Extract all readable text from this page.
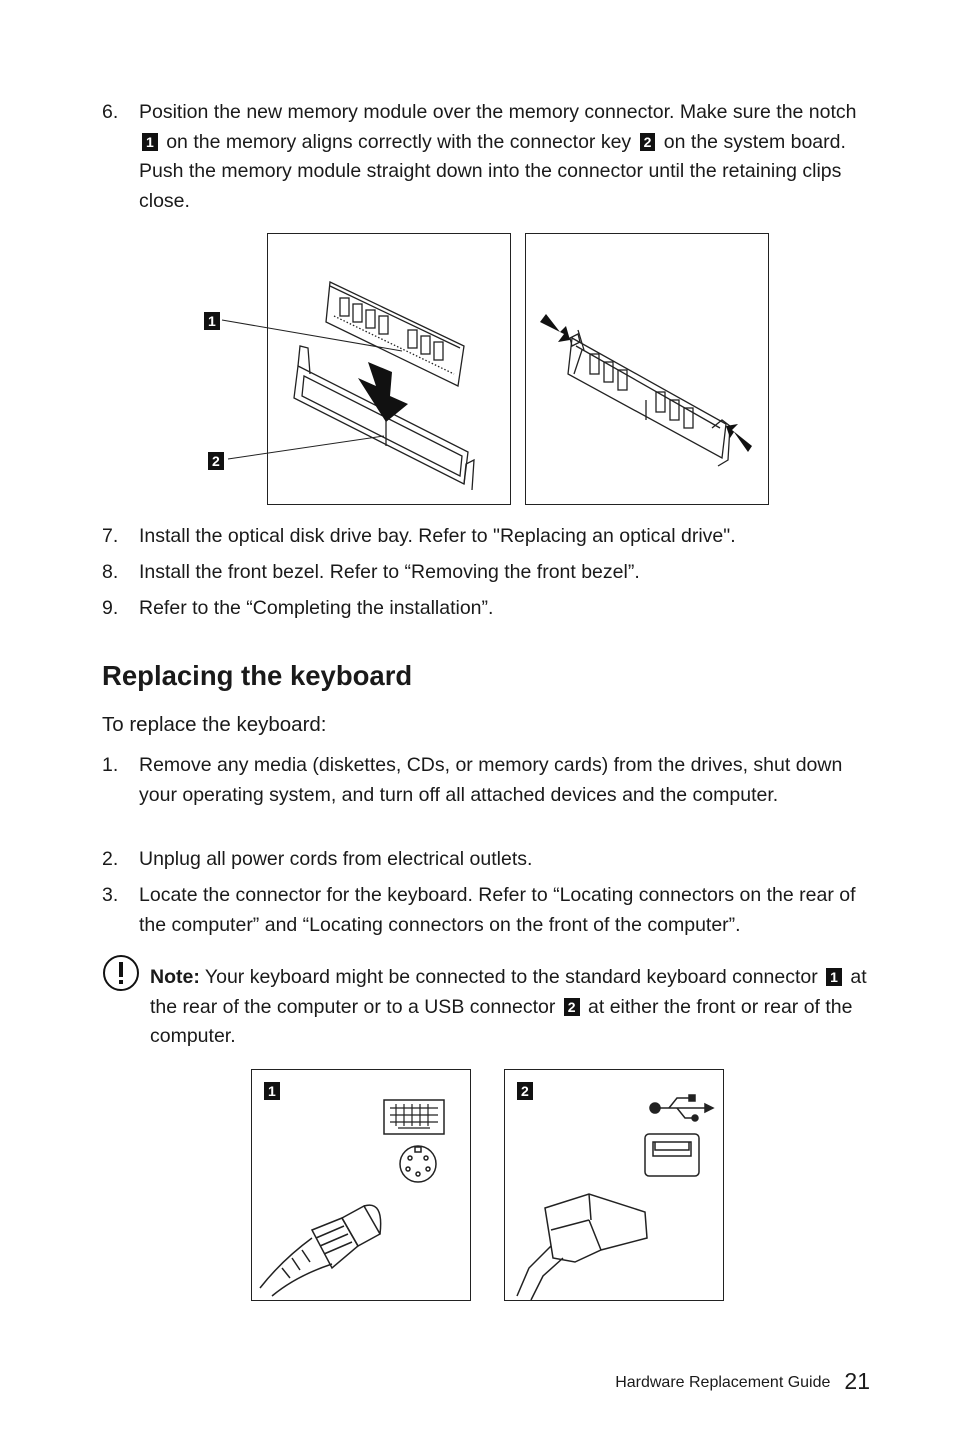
6. Position the new memory module over the memory connector. Make sure the notch 1 on the memory aligns correctly with the connector key 2 on the system board. Push the memory module straight down into the connector until the retaining clips close.
1
2
7. Install the optical disk drive bay. Refer to "Replacing an optical drive".
8. Install the front bezel. Refer to “Removing the front bezel”.
9. Refer to the “Completing the installation”.
Replacing the keyboard
To replace the keyboard:
1. Remove any media (diskettes, CDs, or memory cards) from the drives, shut down your operating system, and turn off all attached devices and the computer.
2. Unplug all power cords from electrical outlets.
3. Locate the connector for the keyboard. Refer to “Locating connectors on the rear of the computer” and “Locating connectors on the front of the computer”.
Note: Your keyboard might be connected to the standard keyboard connector 1 at the rear of the computer or to a USB connector 2 at either the front or rear of the computer.
1	2
Hardware Replacement Guide 21
